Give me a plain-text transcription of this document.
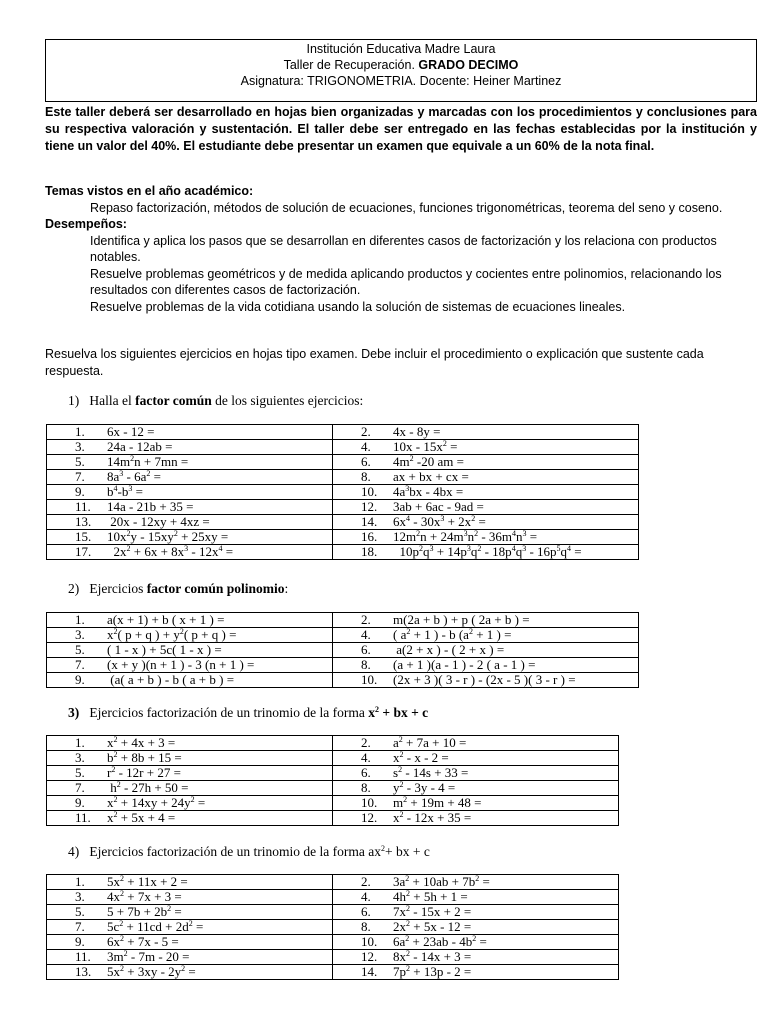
Institución Educativa Madre Laura
Taller de Recuperación. GRADO DECIMO
Asignatura: TRIGONOMETRIA. Docente: Heiner Martinez
Este taller deberá ser desarrollado en hojas bien organizadas y marcadas con los procedimientos y conclusiones para su respectiva valoración y sustentación. El taller debe ser entregado en las fechas establecidas por la institución y tiene un valor del 40%. El estudiante debe presentar un examen que equivale a un 60% de la nota final.
Temas vistos en el año académico:
Repaso factorización, métodos de solución de ecuaciones, funciones trigonométricas, teorema del seno y coseno.
Desempeños:
Identifica y aplica los pasos que se desarrollan en diferentes casos de factorización y los relaciona con productos notables.
Resuelve problemas geométricos y de medida aplicando productos y cocientes entre polinomios, relacionando los resultados con diferentes casos de factorización.
Resuelve problemas de la vida cotidiana usando la solución de sistemas de ecuaciones lineales.
Resuelva los siguientes ejercicios en hojas tipo examen. Debe incluir el procedimiento o explicación que sustente cada respuesta.
1) Halla el factor común de los siguientes ejercicios:
1. 6x - 12 =	2. 4x - 8y =
3. 24a - 12ab =	4. $10x - 15x^2$ =
5. $14m^2n + 7mn$ =	6. $4m^2$ -20 am =
7. $8a^3 - 6a^2$ =	8. ax + bx + cx =
9. $b^4-b^3$ =	10. $4a^3bx - 4bx$ =
11. 14a - 21b + 35 =	12. 3ab + 6ac - 9ad =
13. 20x - 12xy + 4xz =	14. $6x^4 - 30x^3 + 2x^2$ =
15. $10x^2y - 15xy^2 + 25xy$ =	16. $12m^2n + 24m^3n^2 - 36m^4n^3$ =
17.  $2x^2 + 6x + 8x^3 - 12x^4$ =	18.  $10p^2q^3 + 14p^3q^2 - 18p^4q^3 - 16p^5q^4$ =
2) Ejercicios factor común polinomio:
1. a(x + 1) + b ( x + 1 ) =	2. m(2a + b ) + p ( 2a + b ) =
3. $x^2$( p + q ) + $y^2$( p + q ) =	4. ( $a^2 + 1$ ) - b ($a^2 + 1$ ) =
5. ( 1 - x ) + 5c( 1 - x ) =	6. a(2 + x ) - ( 2 + x ) =
7. (x + y )(n + 1 ) - 3 (n + 1 ) =	8. (a + 1 )(a - 1 ) - 2 ( a - 1 ) =
9. (a( a + b ) - b ( a + b ) =	10. (2x + 3 )( 3 - r ) - (2x - 5 )( 3 - r ) =
3) Ejercicios factorización de un trinomio de la forma $x^2$ + bx + c
1. $x^2 + 4x + 3$ =	2. $a^2 + 7a + 10$ =
3. $b^2 + 8b + 15$ =	4. $x^2$ - x - 2 =
5. $r^2 - 12r + 27$ =	6. $s^2 - 14s + 33$ =
7. $h^2 - 27h + 50$ =	8. $y^2 - 3y - 4$ =
9. $x^2 + 14xy + 24y^2$ =	10. $m^2 + 19m + 48$ =
11. $x^2 + 5x + 4$ =	12. $x^2 - 12x + 35$ =
4) Ejercicios factorización de un trinomio de la forma $ax^2+$ bx + c
1. $5x^2 + 11x + 2$ =	2. $3a^2 + 10ab + 7b^2$ =
3. $4x^2 + 7x + 3$ =	4. $4h^2 + 5h + 1$ =
5. $5 + 7b + 2b^2$ =	6. $7x^2 - 15x + 2$ =
7. $5c^2 + 11cd + 2d^2$ =	8. $2x^2 + 5x - 12$ =
9. $6x^2 + 7x - 5$ =	10. $6a^2 + 23ab - 4b^2$ =
11. $3m^2 - 7m - 20$ =	12. $8x^2 - 14x + 3$ =
13. $5x^2 + 3xy - 2y^2$ =	14. $7p^2 + 13p - 2$ =
